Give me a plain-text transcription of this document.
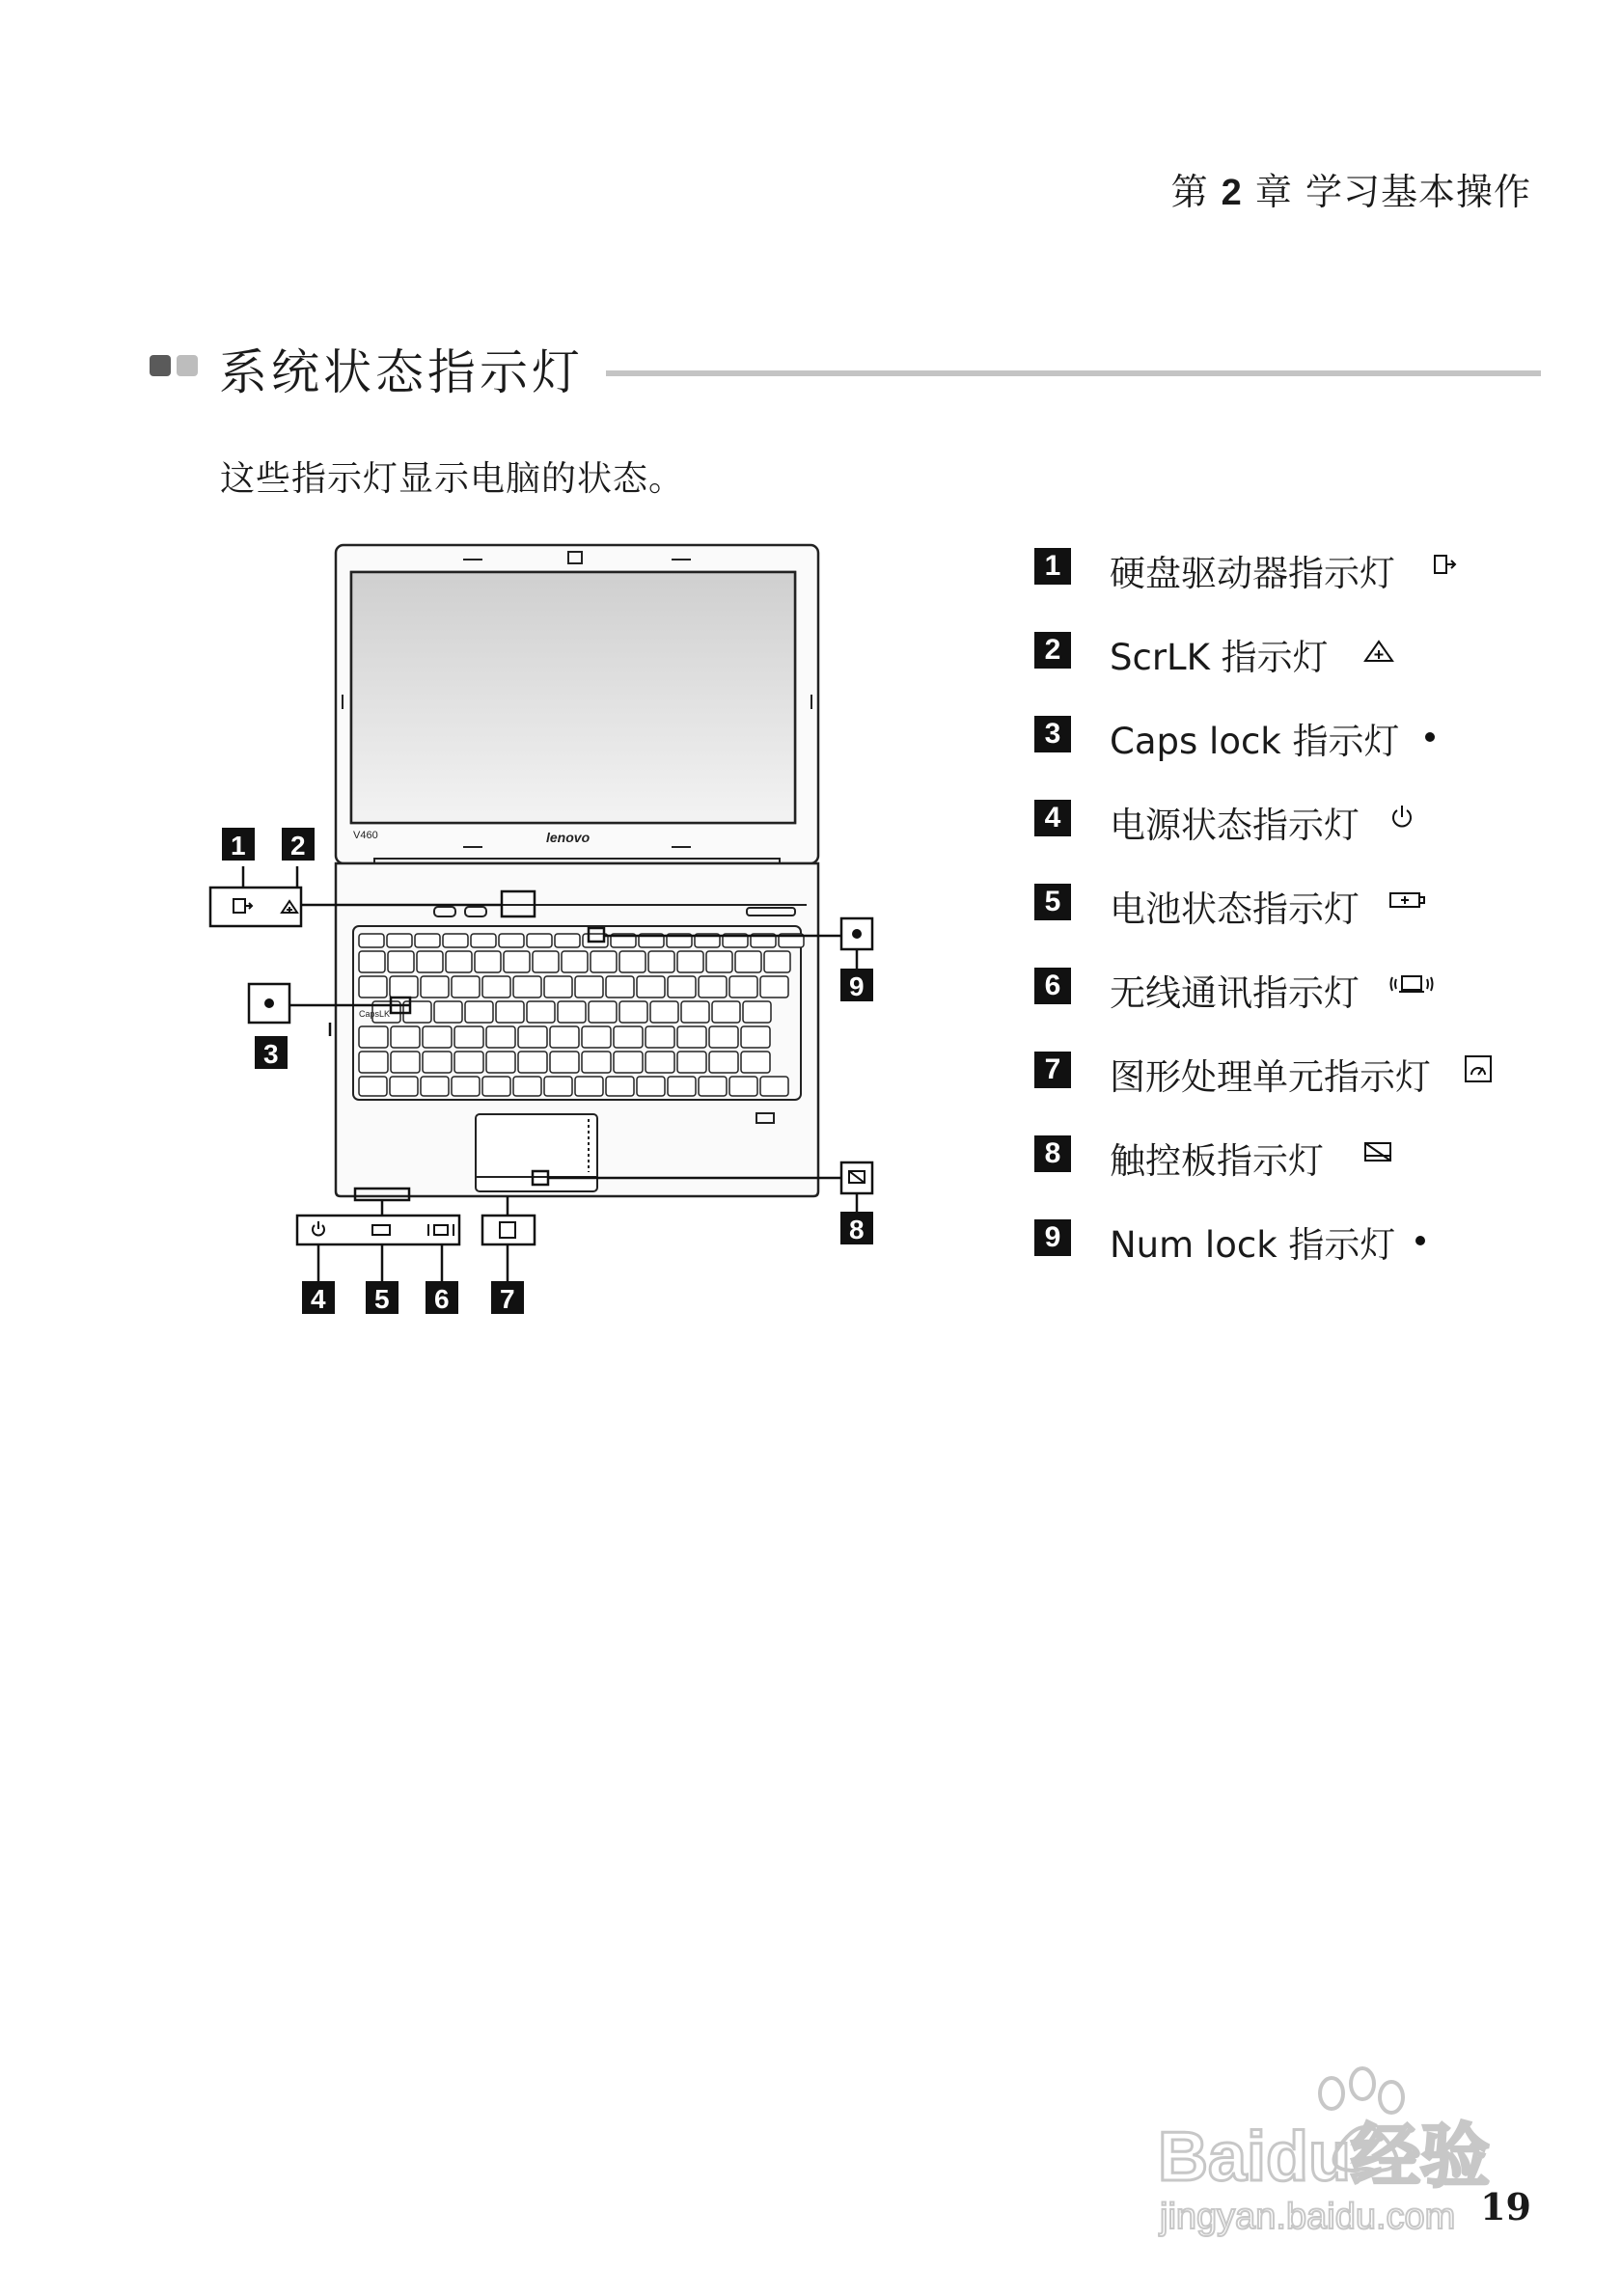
第 2 章 学习基本操作
系统状态指示灯
这些指示灯显示电脑的状态。
V460	lenovo
CapsLK
1 2
3
4 5 6 7
8
9
1 硬盘驱动器指示灯
2 ScrLK 指示灯
3 Caps lock 指示灯
4 电源状态指示灯
5 电池状态指示灯
6 无线通讯指示灯
7 图形处理单元指示灯
8 触控板指示灯
9 Num lock 指示灯
Baidu经验
jingyan.baidu.com 19
